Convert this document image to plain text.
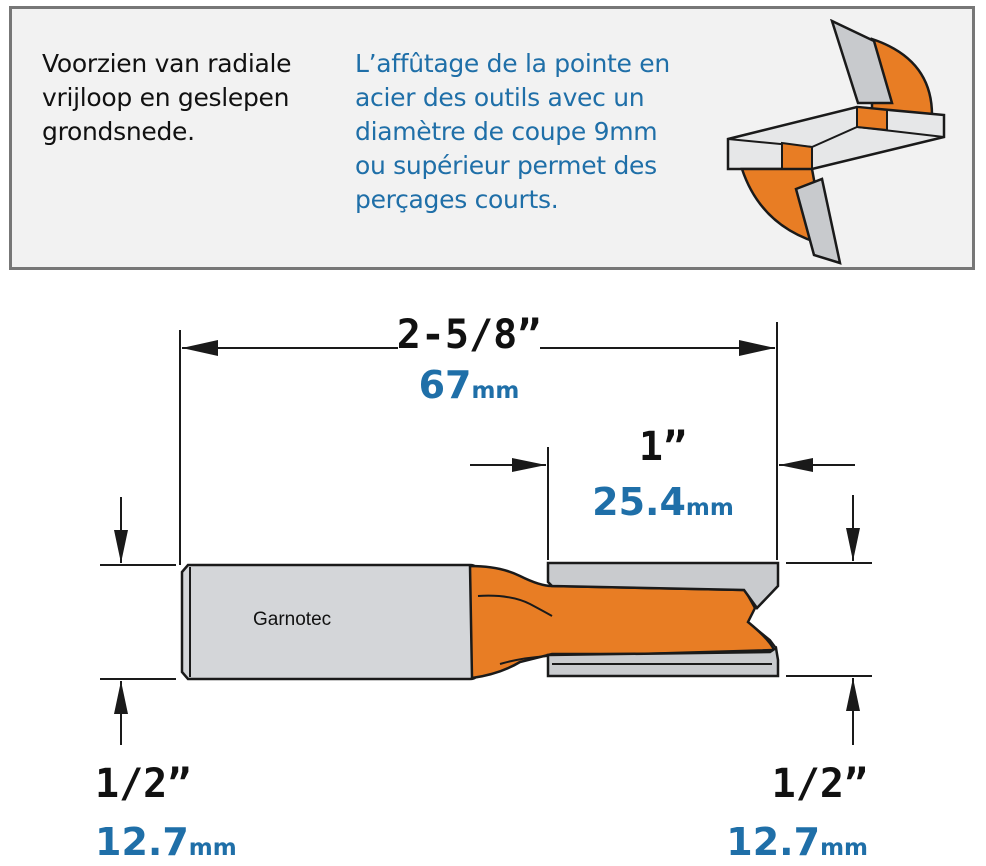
Voorzien van radiale
vrijloop en geslepen
grondsnede.
L’affûtage de la pointe en
acier des outils avec un
diamètre de coupe 9mm
ou supérieur permet des
perçages courts.
Garnotec
2-5/8”
67mm
1”
25.4mm
1/2”
12.7mm
1/2”
12.7mm
